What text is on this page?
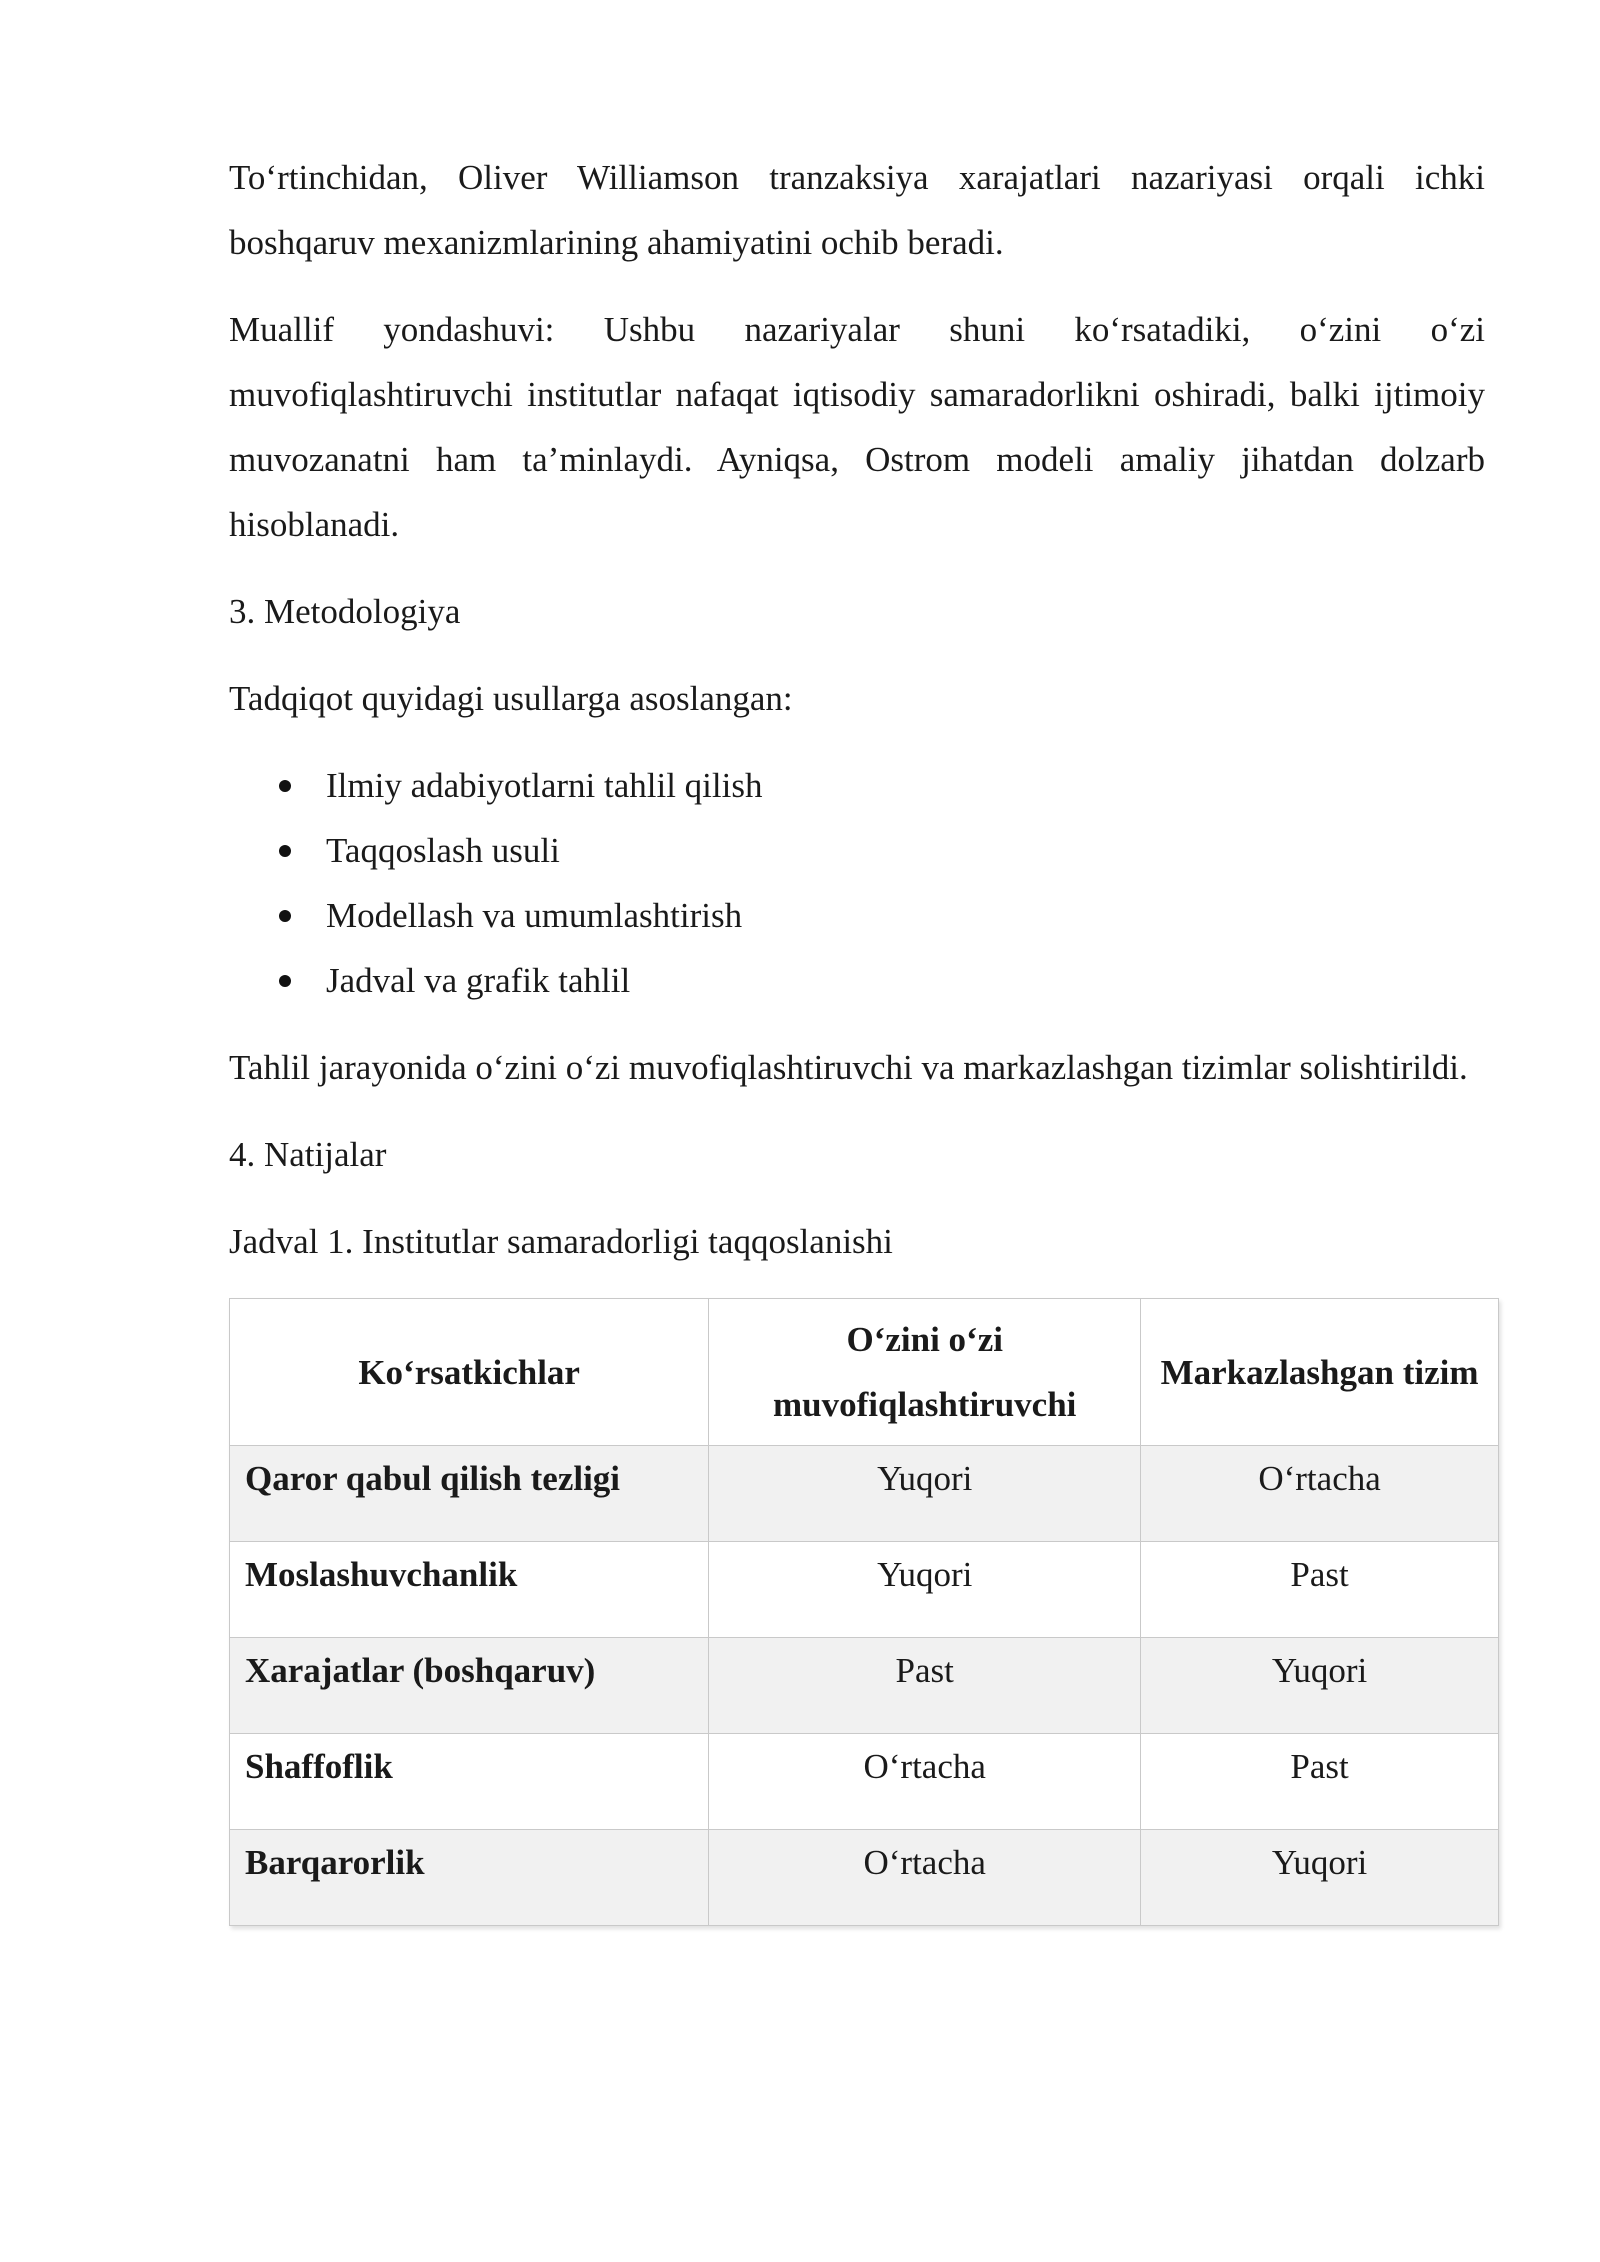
To‘rtinchidan, Oliver Williamson tranzaksiya xarajatlari nazariyasi orqali ichki boshqaruv mexanizmlarining ahamiyatini ochib beradi.

Muallif yondashuvi: Ushbu nazariyalar shuni ko‘rsatadiki, o‘zini o‘zi muvofiqlashtiruvchi institutlar nafaqat iqtisodiy samaradorlikni oshiradi, balki ijtimoiy muvozanatni ham ta’minlaydi. Ayniqsa, Ostrom modeli amaliy jihatdan dolzarb hisoblanadi.

3. Metodologiya

Tadqiqot quyidagi usullarga asoslangan:

Ilmiy adabiyotlarni tahlil qilish
Taqqoslash usuli
Modellash va umumlashtirish
Jadval va grafik tahlil

Tahlil jarayonida o‘zini o‘zi muvofiqlashtiruvchi va markazlashgan tizimlar solishtirildi.

4. Natijalar

Jadval 1. Institutlar samaradorligi taqqoslanishi

Ko‘rsatkichlar	O‘zini o‘zi muvofiqlashtiruvchi	Markazlashgan tizim
Qaror qabul qilish tezligi	Yuqori	O‘rtacha
Moslashuvchanlik	Yuqori	Past
Xarajatlar (boshqaruv)	Past	Yuqori
Shaffoflik	O‘rtacha	Past
Barqarorlik	O‘rtacha	Yuqori
